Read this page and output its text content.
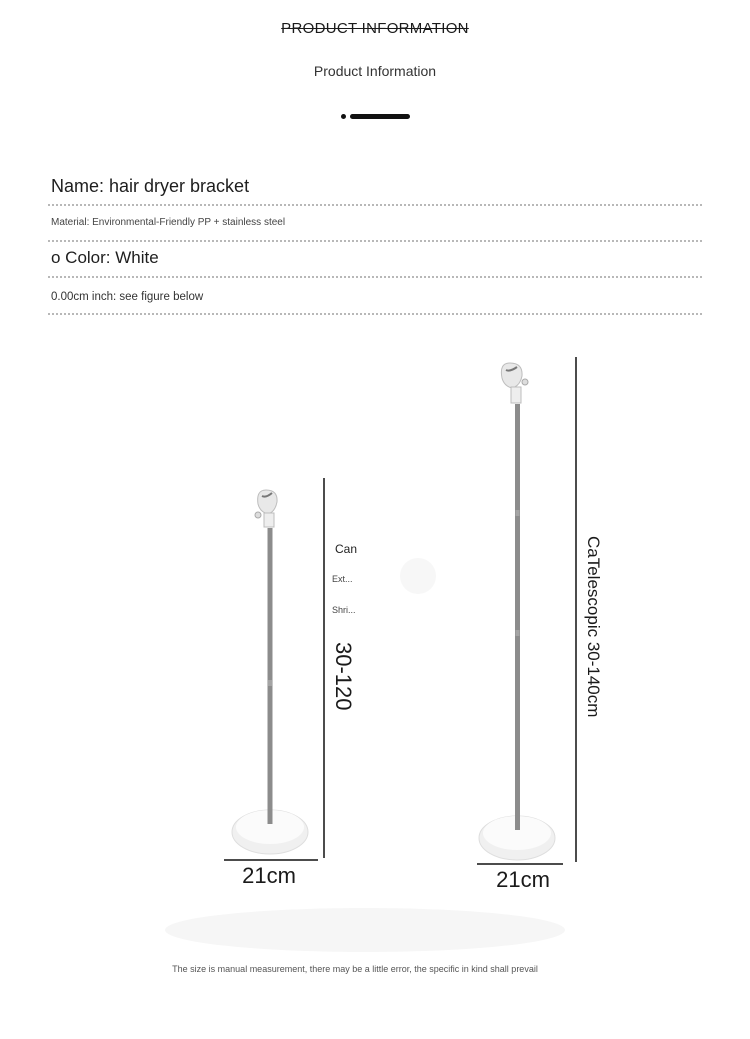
PRODUCT INFORMATION
Product Information
Name: hair dryer bracket
Material: Environmental-Friendly PP + stainless steel
o Color: White
0.00cm inch: see figure below
21cm
Can
Ext...
Shri...
30-120
21cm
CaTelescopic 30-140cm
The size is manual measurement, there may be a little error, the specific in kind shall prevail
